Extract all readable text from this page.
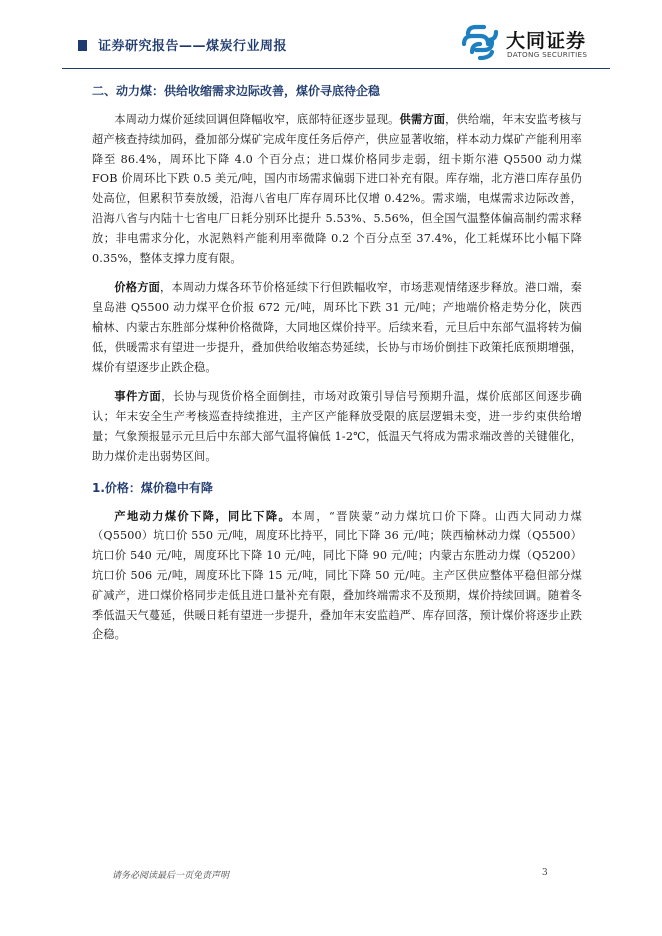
证券研究报告——煤炭行业周报	大同证券
DATONG SECURITIES
二、动力煤：供给收缩需求边际改善，煤价寻底待企稳

本周动力煤价延续回调但降幅收窄，底部特征逐步显现。供需方面，供给端，年末安监考核与超产核查持续加码，叠加部分煤矿完成年度任务后停产，供应显著收缩，样本动力煤矿产能利用率降至 86.4%，周环比下降 4.0 个百分点；进口煤价格同步走弱，纽卡斯尔港 Q5500 动力煤 FOB 价周环比下跌 0.5 美元/吨，国内市场需求偏弱下进口补充有限。库存端，北方港口库存虽仍处高位，但累积节奏放缓，沿海八省电厂库存周环比仅增 0.42%。需求端，电煤需求边际改善，沿海八省与内陆十七省电厂日耗分别环比提升 5.53%、5.56%，但全国气温整体偏高制约需求释放；非电需求分化，水泥熟料产能利用率微降 0.2 个百分点至 37.4%，化工耗煤环比小幅下降 0.35%，整体支撑力度有限。

价格方面，本周动力煤各环节价格延续下行但跌幅收窄，市场悲观情绪逐步释放。港口端，秦皇岛港 Q5500 动力煤平仓价报 672 元/吨，周环比下跌 31 元/吨；产地端价格走势分化，陕西榆林、内蒙古东胜部分煤种价格微降，大同地区煤价持平。后续来看，元旦后中东部气温将转为偏低，供暖需求有望进一步提升，叠加供给收缩态势延续，长协与市场价倒挂下政策托底预期增强，煤价有望逐步止跌企稳。

事件方面，长协与现货价格全面倒挂，市场对政策引导信号预期升温，煤价底部区间逐步确认；年末安全生产考核巡查持续推进，主产区产能释放受限的底层逻辑未变，进一步约束供给增量；气象预报显示元旦后中东部大部气温将偏低 1-2℃，低温天气将成为需求端改善的关键催化，助力煤价走出弱势区间。

1.价格：煤价稳中有降

产地动力煤价下降，同比下降。本周，“晋陕蒙”动力煤坑口价下降。山西大同动力煤（Q5500）坑口价 550 元/吨，周度环比持平，同比下降 36 元/吨；陕西榆林动力煤（Q5500）坑口价 540 元/吨，周度环比下降 10 元/吨，同比下降 90 元/吨；内蒙古东胜动力煤（Q5200）坑口价 506 元/吨，周度环比下降 15 元/吨，同比下降 50 元/吨。主产区供应整体平稳但部分煤矿减产，进口煤价格同步走低且进口量补充有限，叠加终端需求不及预期，煤价持续回调。随着冬季低温天气蔓延，供暖日耗有望进一步提升，叠加年末安监趋严、库存回落，预计煤价将逐步止跌企稳。

请务必阅读最后一页免责声明	3
